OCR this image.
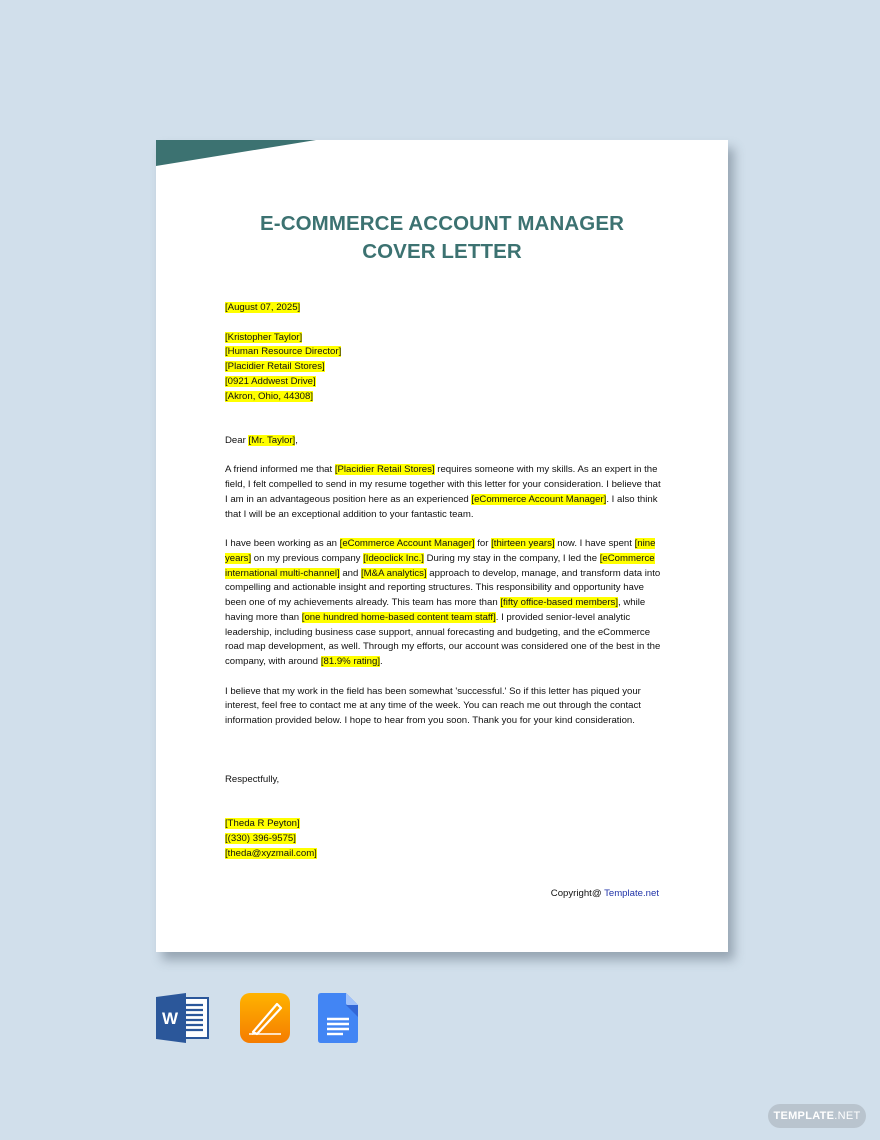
E-COMMERCE ACCOUNT MANAGER
COVER LETTER
[August 07, 2025]
[Kristopher Taylor]
[Human Resource Director]
[Placidier Retail Stores]
[0921 Addwest Drive]
[Akron, Ohio, 44308]
Dear [Mr. Taylor],
A friend informed me that [Placidier Retail Stores] requires someone with my skills. As an expert in the field, I felt compelled to send in my resume together with this letter for your consideration. I believe that I am in an advantageous position here as an experienced [eCommerce Account Manager]. I also think that I will be an exceptional addition to your fantastic team.
I have been working as an [eCommerce Account Manager] for [thirteen years] now. I have spent [nine years] on my previous company [Ideoclick Inc.] During my stay in the company, I led the [eCommerce international multi-channel] and [M&A analytics] approach to develop, manage, and transform data into compelling and actionable insight and reporting structures. This responsibility and opportunity have been one of my achievements already. This team has more than [fifty office-based members], while having more than [one hundred home-based content team staff]. I provided senior-level analytic leadership, including business case support, annual forecasting and budgeting, and the eCommerce road map development, as well. Through my efforts, our account was considered one of the best in the company, with around [81.9% rating].
I believe that my work in the field has been somewhat 'successful.' So if this letter has piqued your interest, feel free to contact me at any time of the week. You can reach me out through the contact information provided below. I hope to hear from you soon. Thank you for your kind consideration.
Respectfully,
[Theda R Peyton]
[(330) 396-9575]
[theda@xyzmail.com]
Copyright@ Template.net
W
TEMPLATE.NET
